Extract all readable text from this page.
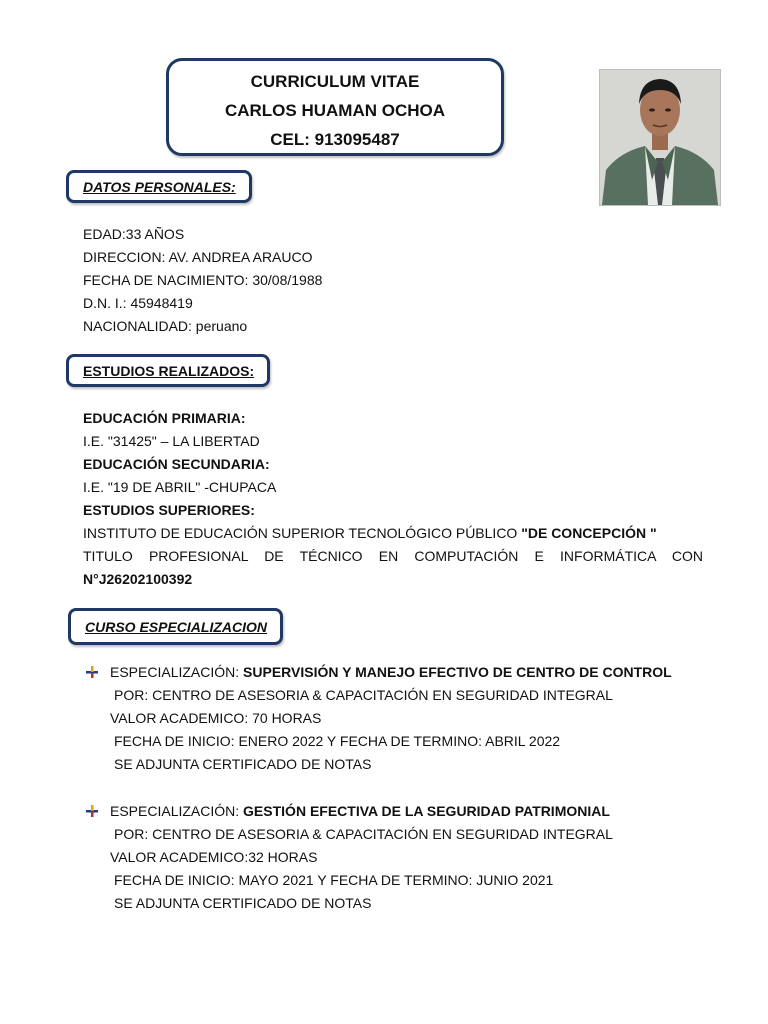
CURRICULUM VITAE
CARLOS HUAMAN OCHOA
CEL: 913095487
DATOS PERSONALES:
EDAD:33 AÑOS
DIRECCION: AV. ANDREA ARAUCO
FECHA DE NACIMIENTO: 30/08/1988
D.N. I.: 45948419
NACIONALIDAD: peruano
ESTUDIOS REALIZADOS:
EDUCACIÓN PRIMARIA:
I.E. "31425" – LA LIBERTAD
EDUCACIÓN SECUNDARIA:
I.E. "19 DE ABRIL" -CHUPACA
ESTUDIOS SUPERIORES:
INSTITUTO DE EDUCACIÓN SUPERIOR TECNOLÓGICO PÚBLICO "DE CONCEPCIÓN "
TITULO PROFESIONAL DE TÉCNICO EN COMPUTACIÓN E INFORMÁTICA CON
N°J26202100392
CURSO ESPECIALIZACION
ESPECIALIZACIÓN: SUPERVISIÓN Y MANEJO EFECTIVO DE CENTRO DE CONTROL
POR: CENTRO DE ASESORIA & CAPACITACIÓN EN SEGURIDAD INTEGRAL
VALOR ACADEMICO: 70 HORAS
FECHA DE INICIO: ENERO 2022 Y FECHA DE TERMINO: ABRIL 2022
SE ADJUNTA CERTIFICADO DE NOTAS
ESPECIALIZACIÓN: GESTIÓN EFECTIVA DE LA SEGURIDAD PATRIMONIAL
POR: CENTRO DE ASESORIA & CAPACITACIÓN EN SEGURIDAD INTEGRAL
VALOR ACADEMICO:32 HORAS
FECHA DE INICIO: MAYO 2021 Y FECHA DE TERMINO: JUNIO 2021
SE ADJUNTA CERTIFICADO DE NOTAS
